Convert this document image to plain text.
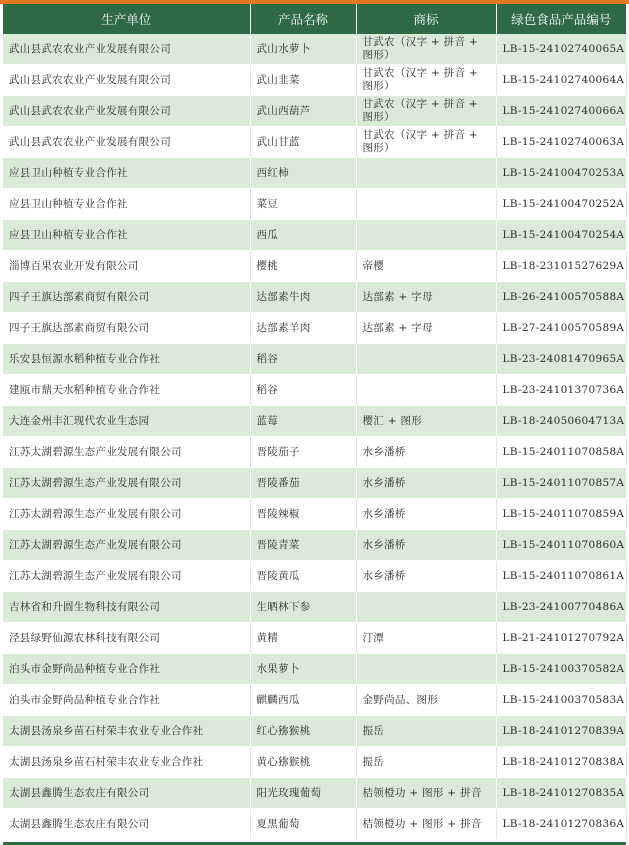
生产单位	产品名称	商标	绿色食品产品编号
武山县武农农业产业发展有限公司	武山水萝卜	甘武农（汉字 + 拼音 + 图形）	LB-15-24102740065A
武山县武农农业产业发展有限公司	武山韭菜	甘武农（汉字 + 拼音 + 图形）	LB-15-24102740064A
武山县武农农业产业发展有限公司	武山西葫芦	甘武农（汉字 + 拼音 + 图形）	LB-15-24102740066A
武山县武农农业产业发展有限公司	武山甘蓝	甘武农（汉字 + 拼音 + 图形）	LB-15-24102740063A
应县卫山种植专业合作社	西红柿		LB-15-24100470253A
应县卫山种植专业合作社	菜豆		LB-15-24100470252A
应县卫山种植专业合作社	西瓜		LB-15-24100470254A
淄博百果农业开发有限公司	樱桃	帝樱	LB-18-23101527629A
四子王旗达部素商贸有限公司	达部素牛肉	达部素 + 字母	LB-26-24100570588A
四子王旗达部素商贸有限公司	达部素羊肉	达部素 + 字母	LB-27-24100570589A
乐安县恒源水稻种植专业合作社	稻谷		LB-23-24081470965A
建瓯市鼎天水稻种植专业合作社	稻谷		LB-23-24101370736A
大连金州丰汇现代农业生态园	蓝莓	樱汇 + 图形	LB-18-24050604713A
江苏太湖碧源生态产业发展有限公司	晋陵茄子	水乡潘桥	LB-15-24011070858A
江苏太湖碧源生态产业发展有限公司	晋陵番茄	水乡潘桥	LB-15-24011070857A
江苏太湖碧源生态产业发展有限公司	晋陵辣椒	水乡潘桥	LB-15-24011070859A
江苏太湖碧源生态产业发展有限公司	晋陵青菜	水乡潘桥	LB-15-24011070860A
江苏太湖碧源生态产业发展有限公司	晋陵黄瓜	水乡潘桥	LB-15-24011070861A
吉林省和升圆生物科技有限公司	生晒林下参		LB-23-24100770486A
泾县绿野仙源农林科技有限公司	黄精	汀潭	LB-21-24101270792A
泊头市金野尚品种植专业合作社	水果萝卜		LB-15-24100370582A
泊头市金野尚品种植专业合作社	麒麟西瓜	金野尚品、图形	LB-15-24100370583A
太湖县汤泉乡苗石村荣丰农业专业合作社	红心猕猴桃	振岳	LB-18-24101270839A
太湖县汤泉乡苗石村荣丰农业专业合作社	黄心猕猴桃	振岳	LB-18-24101270838A
太湖县鑫腾生态农庄有限公司	阳光玫瑰葡萄	桔领橙功 + 图形 + 拼音	LB-18-24101270835A
太湖县鑫腾生态农庄有限公司	夏黑葡萄	桔领橙功 + 图形 + 拼音	LB-18-24101270836A
